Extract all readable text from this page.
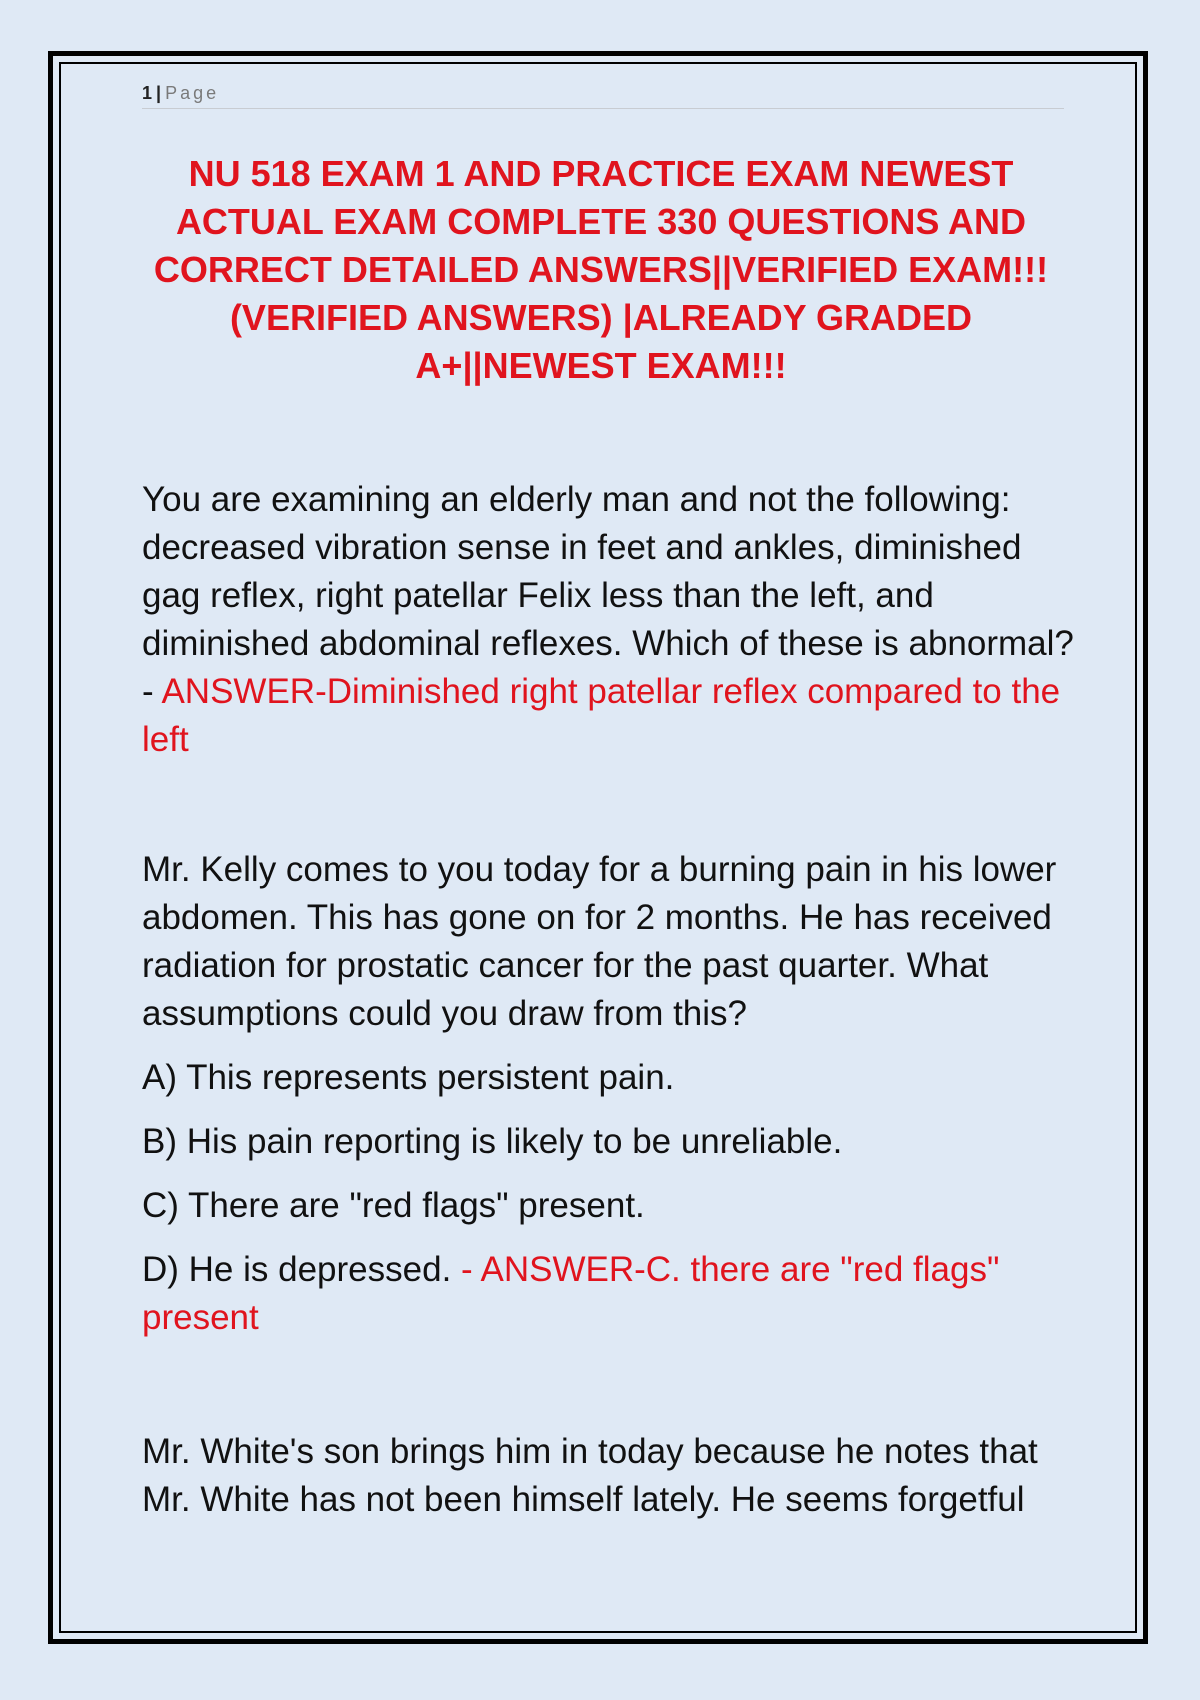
1 | Page
NU 518 EXAM 1 AND PRACTICE EXAM NEWEST
ACTUAL EXAM COMPLETE 330 QUESTIONS AND
CORRECT DETAILED ANSWERS||VERIFIED EXAM!!!
(VERIFIED ANSWERS) |ALREADY GRADED
A+||NEWEST EXAM!!!
You are examining an elderly man and not the following: decreased vibration sense in feet and ankles, diminished gag reflex, right patellar Felix less than the left, and diminished abdominal reflexes. Which of these is abnormal? - ANSWER-Diminished right patellar reflex compared to the left
Mr. Kelly comes to you today for a burning pain in his lower abdomen. This has gone on for 2 months. He has received radiation for prostatic cancer for the past quarter. What assumptions could you draw from this?
A) This represents persistent pain.
B) His pain reporting is likely to be unreliable.
C) There are "red flags" present.
D) He is depressed. - ANSWER-C. there are "red flags" present
Mr. White's son brings him in today because he notes that Mr. White has not been himself lately. He seems forgetful
